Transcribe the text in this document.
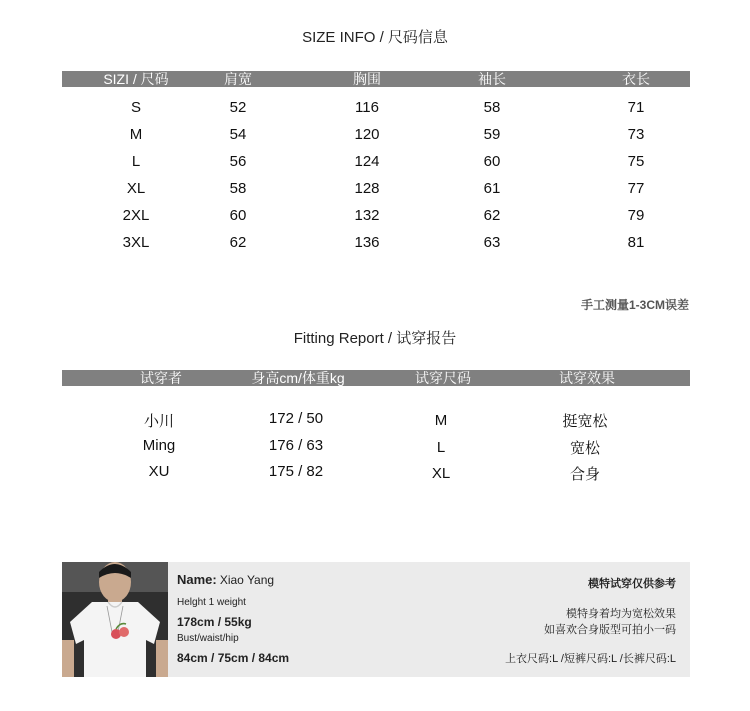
SIZE INFO / 尺码信息
SIZI / 尺码	肩宽	胸围	袖长	衣长
S	52	116	58	71
M	54	120	59	73
L	56	124	60	75
XL	58	128	61	77
2XL	60	132	62	79
3XL	62	136	63	81
手工测量1-3CM误差
Fitting Report / 试穿报告
试穿者	身高cm/体重kg	试穿尺码	试穿效果
小川	172 / 50	M	挺宽松
Ming	176 / 63	L	宽松
XU	175 / 82	XL	合身
Name: Xiao Yang
Helght 1 weight
178cm / 55kg
Bust/waist/hip
84cm / 75cm / 84cm
模特试穿仅供参考
模特身着均为宽松效果
如喜欢合身版型可拍小一码
上衣尺码:L /短裤尺码:L /长裤尺码:L
